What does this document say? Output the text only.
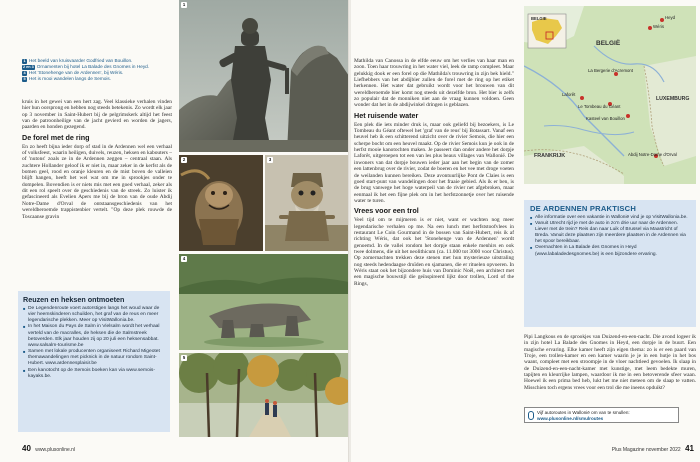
1 Het beeld van kruisvaarder Godfried van Bouillon.
2 en 3 Ornamenten bij hotel La Balade des Gnomes in Heyd.
4 Het 'Stonehenge van de Ardennen', bij Wéris.
5 Het is mooi wandelen langs de Semois.

kruis in het gewei van een hert zag. Veel klassieke verhalen vinden hier hun oorsprong en hebben nog steeds betekenis. Zo wordt elk jaar op 3 november in Saint-Hubert bij de pelgrimskerk altijd het feest van de patroonheilige van de jacht gevierd en worden de jagers, paarden en honden gezegend.

De forel met de ring

En zo heeft bijna ieder dorp of stad in de Ardennen wel een verhaal of volksfeest, waarin heiligen, duivels, reuzen, heksen en kabouters – of 'nutons' zoals ze in de Ardennen zeggen – centraal staan. Als zuchtere Hollander geloof ik er niet in, maar zeker in de kerfst als de bomen geel, rood en oranje kleuren en de mist boven de valleien blijft hangen, heeft het wel wat om me in sprookjes onder te dompelen. Bovendien is er niets mis met een goed verhaal, zeker als dit een rol speelt over de geschiedenis van de streek. Zo luister ik gefascineerd als Evelien Apers me bij de bron van de oude Abdij Notre-Dame d'Orval de ontstaansgeschiedenis van het wereldberoemde trappistenbier vertelt. "Op deze plek rouwde de Toscaanse gravin

Reuzen en heksen ontmoeten
■ De Legendenroute voert autorstigen langs het woud waar de vier heemskinderen schuilden, het graf van de reus en meer legendarische plekken. Meer op VisitWallonia.be.
■ In het Maison du Pays de Salm in Vielsalm wordt het verhaal verteld van de macralles, de heksen die de Salmstreek betoverden. Elk jaar houden zij op 20 juli een heksensabbat. www.salsalm-tourisme.be
■ Samen met lokale producenten organiseert Richard Migeotet themawandelingen met picknick in de natuur rondom Saint-Hubert. www.ardennesplaisir.be
■ Een kanotocht op de Semois boeken kan via www.semois-kayaks.be.
1
2	3
4
5
40 www.plusonline.nl

Mathilda van Canossa in de elfde eeuw om het verlies van haar man en zoon. Toen haar trouwring in het water viel, leek de ramp compleet. Maar gelukkig dook er een forel op die Mathilda's trouwring in zijn bek hield." Liefhebbers van het abdijbier zullen de forel met de ring op het etiket herkennen. Het water dat gebruikt wordt voor het brouwen van dit wereldberoemde bier komt nog steeds uit dezelfde bron. Het bier is zelfs zo populair dat de monniken niet aan de vraag kunnen voldoen. Geen wonder dat het in de abdijwinkel dringen is geblazen.

Het ruisende water

Een plek die iets minder druk is, maar ook geliefd bij bezoekers, is Le Tombeau du Géant oftewel het 'graf van de reus' bij Botassart. Vanaf een heuvel heb ik een schitterend uitzicht over de rivier Semois, die hier een scherpe bocht om een heuvel maakt. Op de rivier Semois kun je ook in de herfst mooie kanotochten maken. Je passeert dan onder andere het dorpje Laforêt, uitgeroepen tot een van les plus beaux villages van Wallonië. De inwoners van dat dorpje bouwen ieder jaar aan het begin van de zomer een lattenbrug over de rivier, zodat de boeren en het vee met droge voeten de weilanden kunnen bereiken. Deze avontuurlijke Pont de Claies is een goed start-punt van wandelingen door het fraaie gebied. Als ik er ben, is de brug vanwege het hoge waterpeil van de rivier net afgebroken, maar eenmaal ik het een fijne plek om in het herfstzonnetje over het ruisende water te turen.

Vrees voor een trol

Veel tijd om te mijmeren is er niet, want er wachten nog meer legendarische verhalen op me. Na een lunch met herfststoofvlees in restaurant Le Coin Gourmand in de bossen van Saint-Hubert, reis ik af richting Wéris, dat ook het 'Stonehenge van de Ardennen' wordt genoemd. In de vallei rondom het dorpje staan enkele menhirs en ook twee dolmens, die uit het neolithicum (ca. 11.000 tot 3000 voor Christus). Op zomernachten trekken deze stenen met hun mysterieuze uitstraling nog steeds hedendaagse druïden en sjamanen, die er rituelen opvoeren. In Wéris staat ook het bijzondere huis van Dominic Noël, een architect met een magische bouwstijl die geïnspireerd lijkt door trollen, Lord of the Rings,

Heyd
Wéris
BELGIE
BELGIË
La Bergerie d'Acremont
Laforêt
Le Tombeau du Géant
Kasteel van Bouillon
LUXEMBURG
Abdij Notre-Dame d'Orval
FRANKRIJK
DE ARDENNEN PRAKTISCH
■ Alle informatie over een vakantie in Wallonië vind je op VisitWallonia.be.
■ Vanuit Utrecht rijd je met de auto in zo'n drie uur naar de Ardennen. Liever met de trein? Reis dan naar Luik of Brussel via Maastricht of Breda. Vanuit deze plaatsen zijn meerdere plaatsen in de Ardennen via het spoor bereikbaar.
■ Overnachten in La Balade des Gnomes in Heyd (www.labaladedesgnomes.be) is een bijzondere ervaring.

Pipi Langkous en de sprookjes van Duizend-en-een-nacht. Die avond logeer ik in zijn hotel La Balade des Gnomes in Heyd, een dorpje in de buurt. Een magische ervaring. Elke kamer heeft zijn eigen thema: zo is er een paard van Troje, een trollen-kamer en een kamer waarin je je in een hutje in het bos waant, compleet met een stroompje in de vloer nachtleed gevoelen. Ik slaap in de Duizend-en-een-nacht-kamer met kunstige, met leem bedekte muren, tapijten en kleurrijke lampen, waardoor ik me in een betoverende sfeer waan. Hoewel ik een prima bed heb, lukt het me niet meteen om de slaap te vatten. Misschien toch ergens vrees voor een trol die me ineens opduikt?

Vijf autoroutes in Wallonië om van te smullen:
www.plusonline.nl/smulroutes
Plus Magazine november 2022 41
